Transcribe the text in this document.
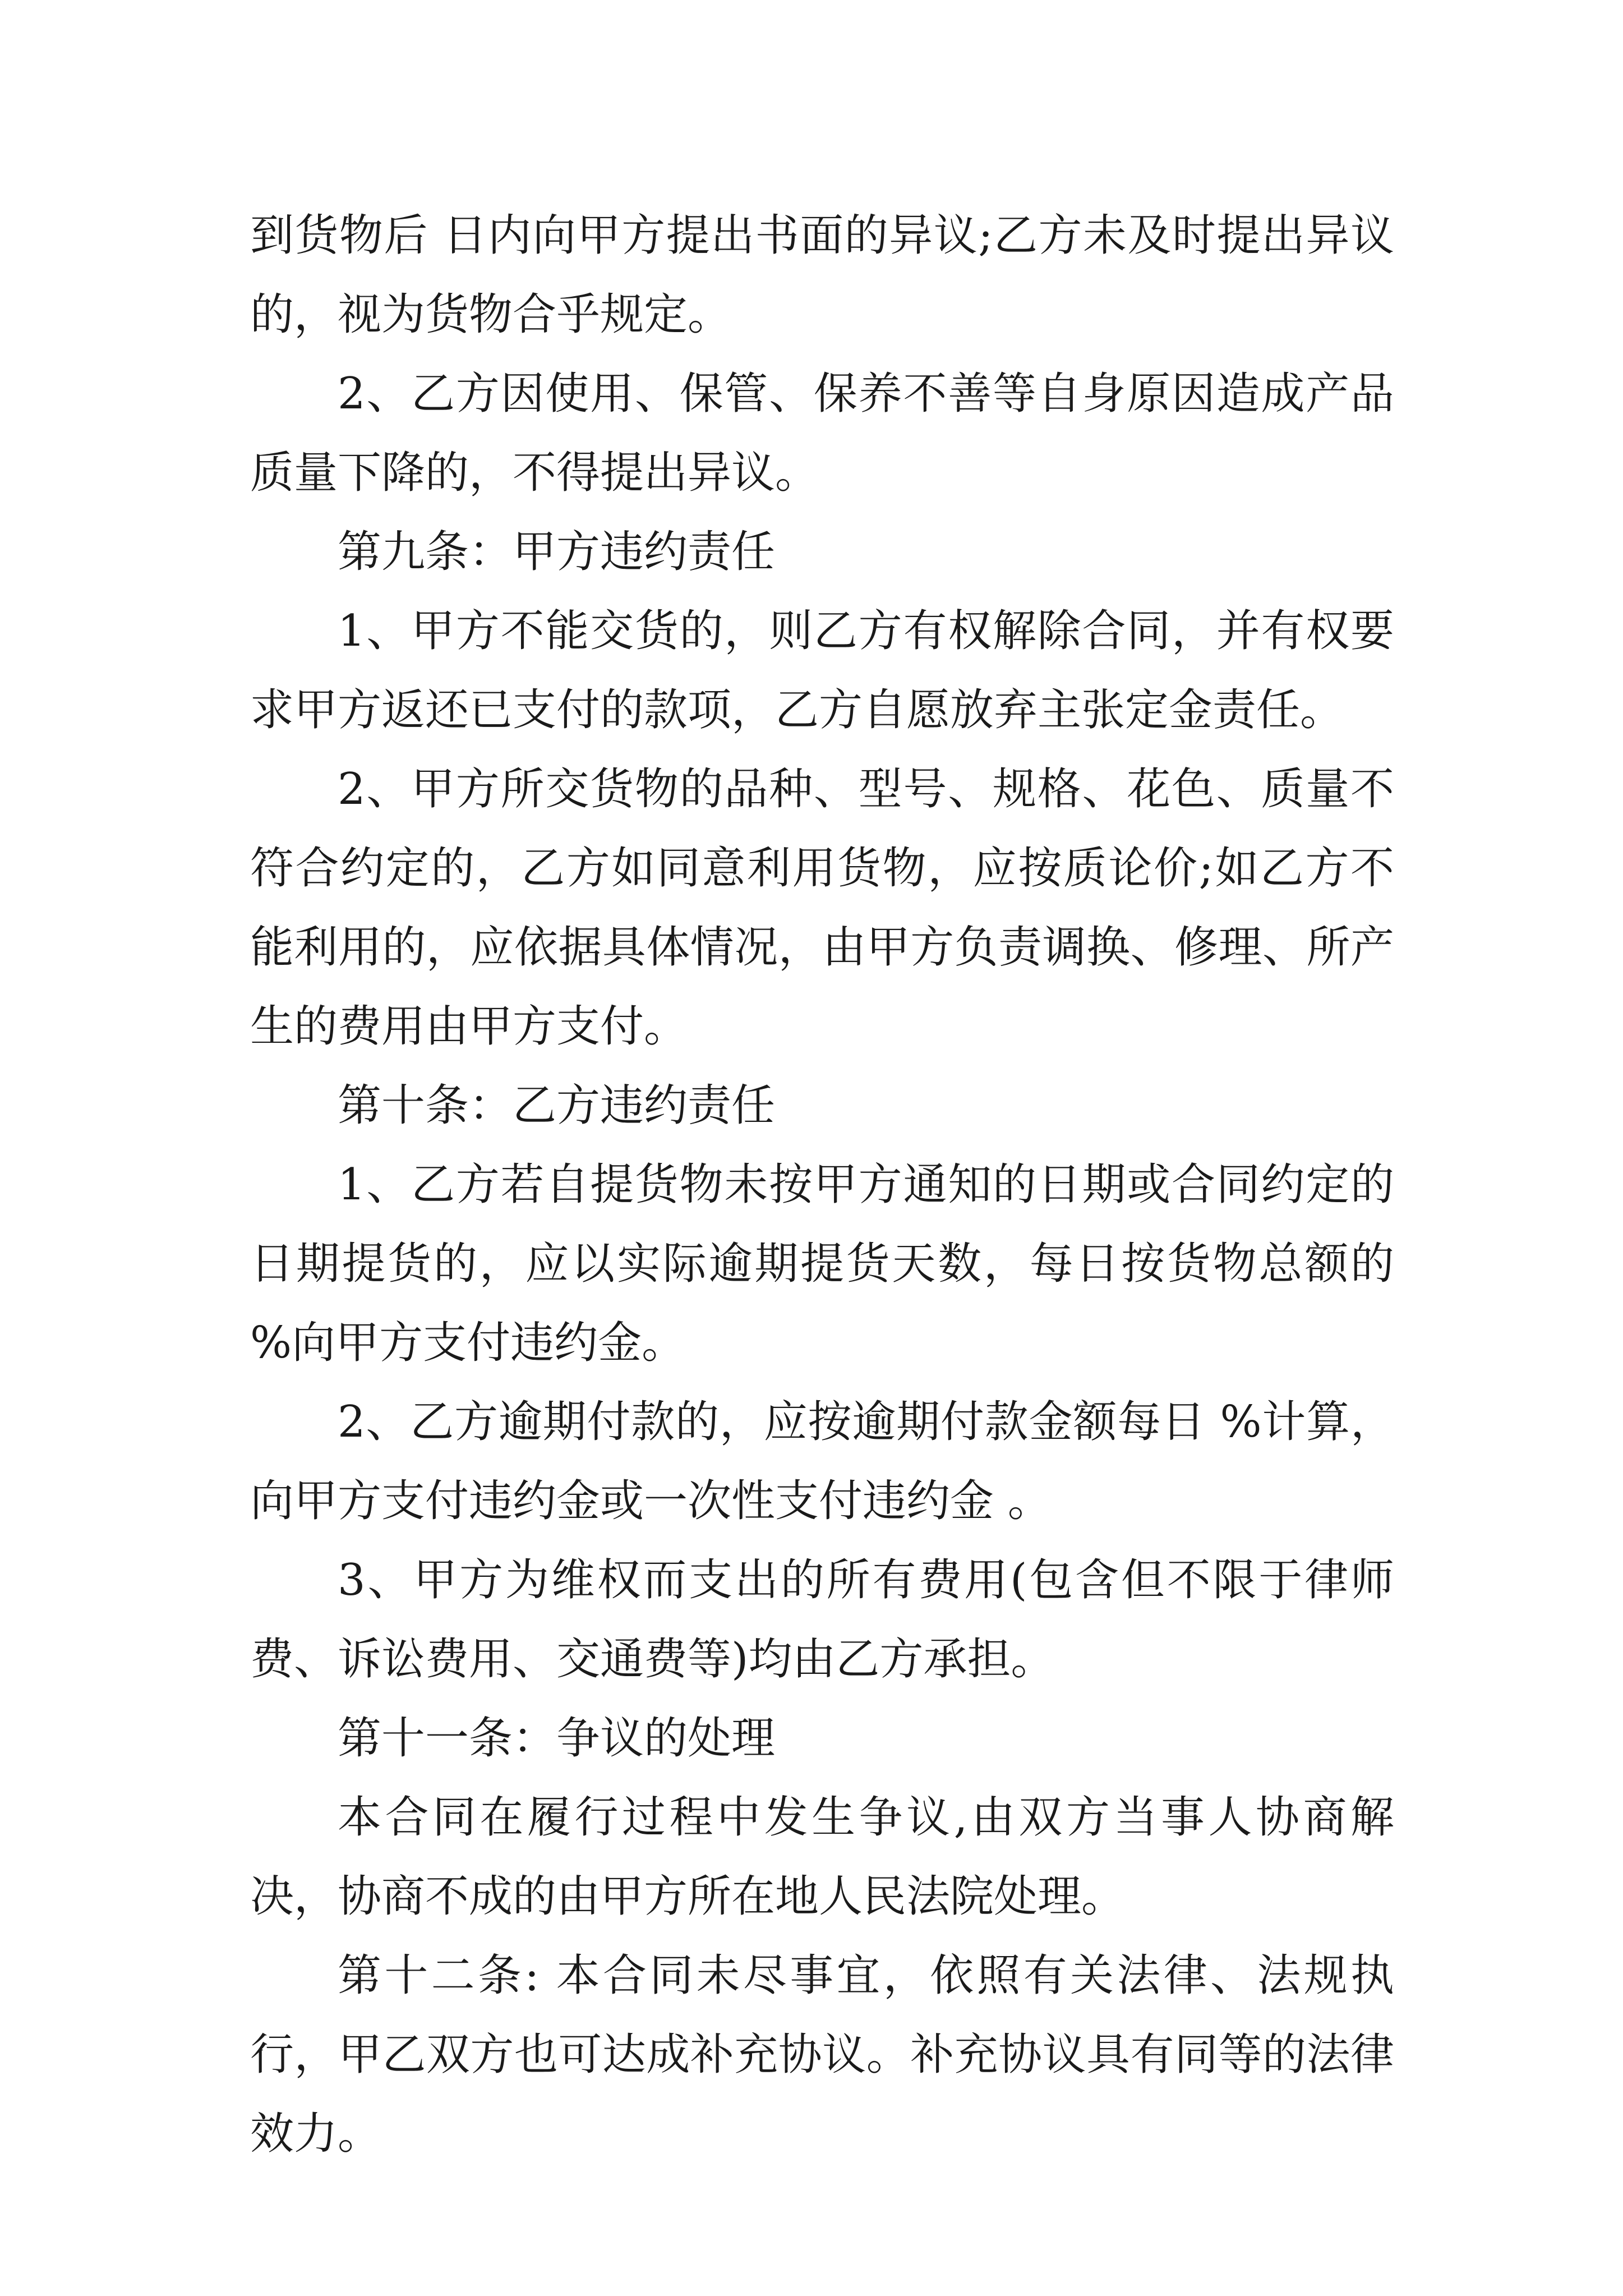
到货物后 日内向甲方提出书面的异议;乙方未及时提出异议的，视为货物合乎规定。

2、乙方因使用、保管、保养不善等自身原因造成产品质量下降的，不得提出异议。

第九条：甲方违约责任

1、甲方不能交货的，则乙方有权解除合同，并有权要求甲方返还已支付的款项，乙方自愿放弃主张定金责任。

2、甲方所交货物的品种、型号、规格、花色、质量不符合约定的，乙方如同意利用货物，应按质论价;如乙方不能利用的，应依据具体情况，由甲方负责调换、修理、所产生的费用由甲方支付。

第十条：乙方违约责任

1、乙方若自提货物未按甲方通知的日期或合同约定的日期提货的，应以实际逾期提货天数，每日按货物总额的 %向甲方支付违约金。

2、乙方逾期付款的，应按逾期付款金额每日 %计算，向甲方支付违约金或一次性支付违约金 。

3、甲方为维权而支出的所有费用(包含但不限于律师费、诉讼费用、交通费等)均由乙方承担。

第十一条：争议的处理

本合同在履行过程中发生争议,由双方当事人协商解决，协商不成的由甲方所在地人民法院处理。

第十二条: 本合同未尽事宜，依照有关法律、法规执行，甲乙双方也可达成补充协议。补充协议具有同等的法律效力。
